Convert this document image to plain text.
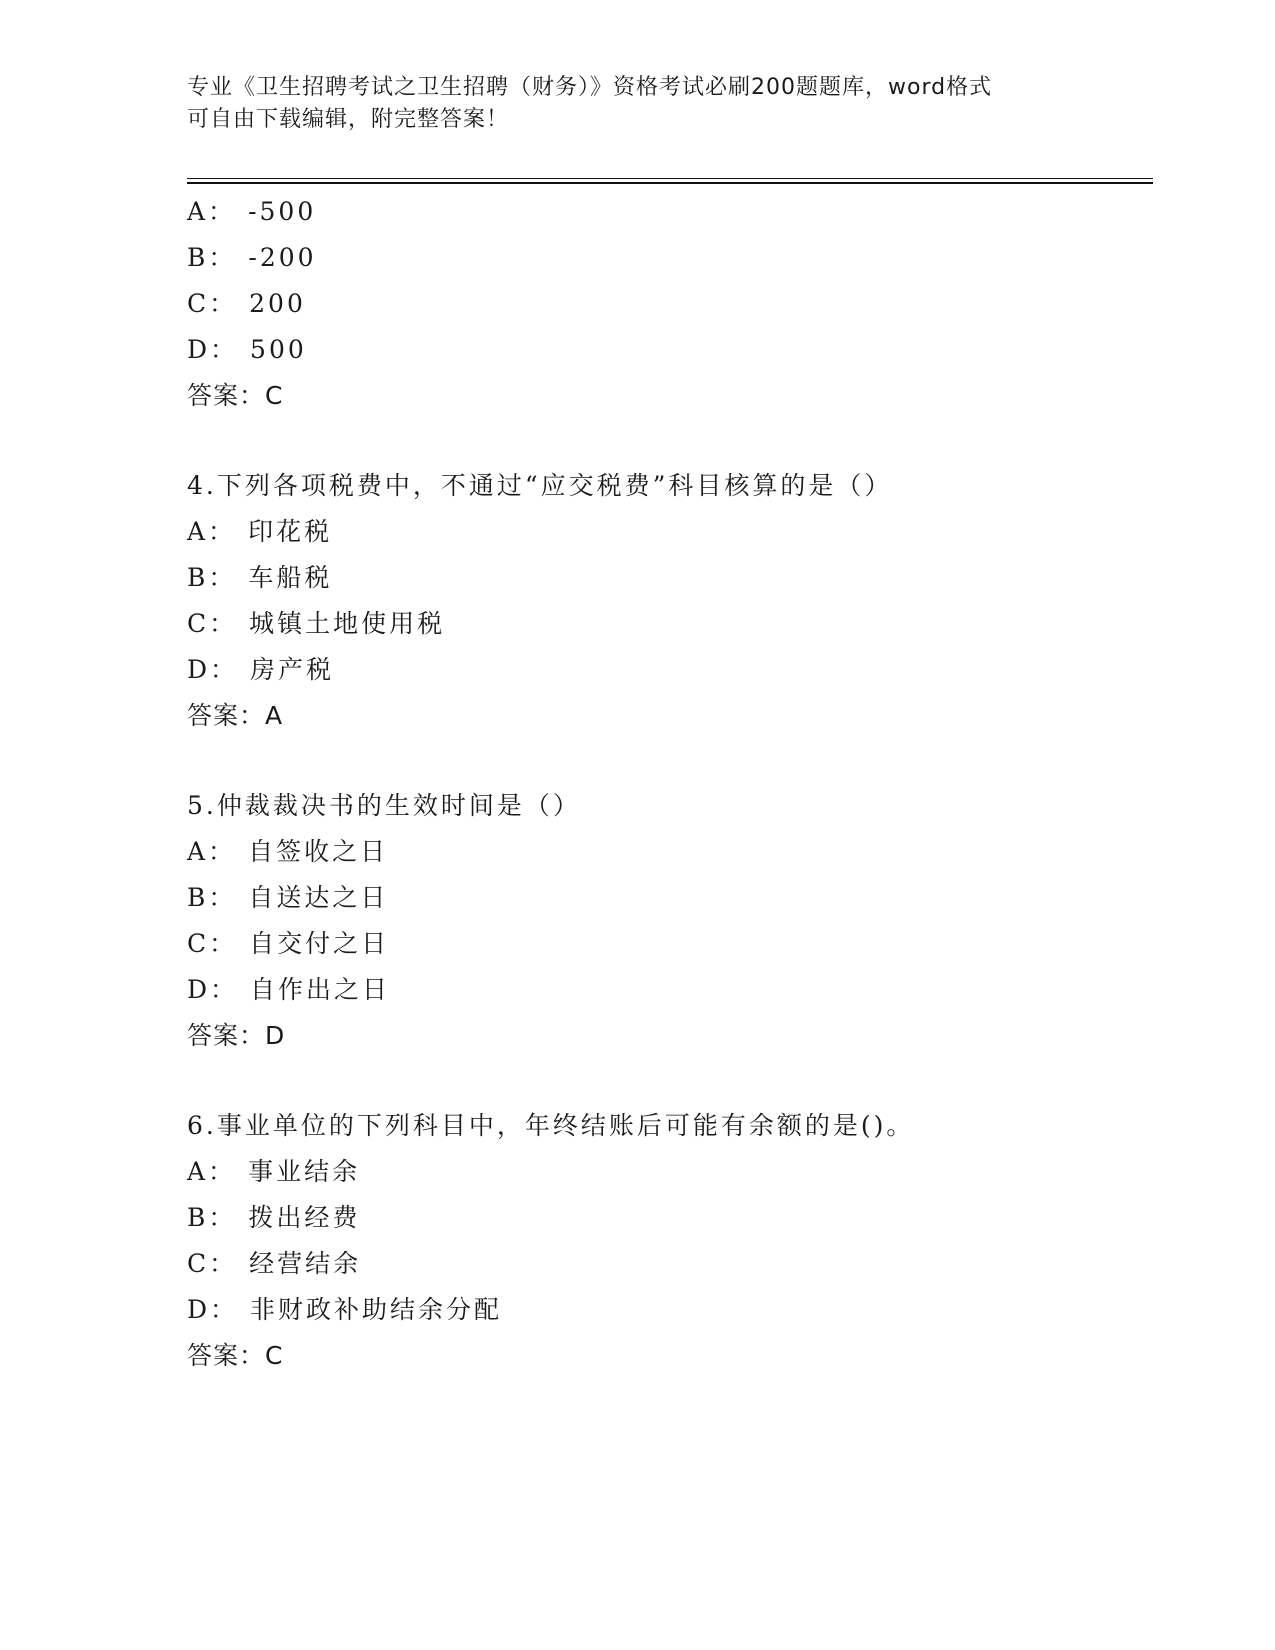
专业《卫生招聘考试之卫生招聘（财务）》资格考试必刷200题题库，word格式
可自由下载编辑，附完整答案！
A： -500
B： -200
C： 200
D： 500
答案：C
4.下列各项税费中，不通过“应交税费”科目核算的是（）
A： 印花税
B： 车船税
C： 城镇土地使用税
D： 房产税
答案：A
5.仲裁裁决书的生效时间是（）
A： 自签收之日
B： 自送达之日
C： 自交付之日
D： 自作出之日
答案：D
6.事业单位的下列科目中，年终结账后可能有余额的是()。
A： 事业结余
B： 拨出经费
C： 经营结余
D： 非财政补助结余分配
答案：C
